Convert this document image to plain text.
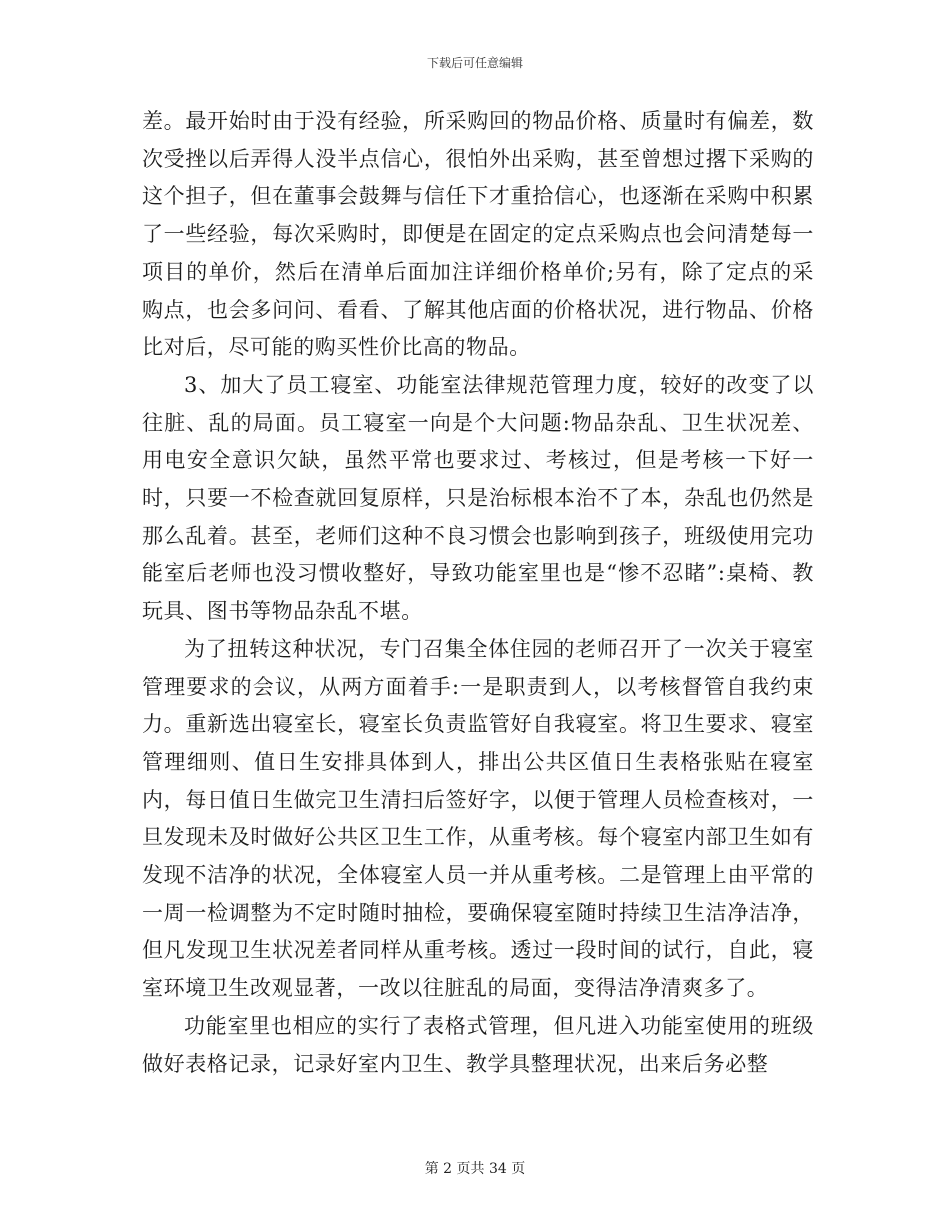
下载后可任意编辑

差。最开始时由于没有经验，所采购回的物品价格、质量时有偏差，数次受挫以后弄得人没半点信心，很怕外出采购，甚至曾想过撂下采购的这个担子，但在董事会鼓舞与信任下才重拾信心，也逐渐在采购中积累了一些经验，每次采购时，即便是在固定的定点采购点也会问清楚每一项目的单价，然后在清单后面加注详细价格单价;另有，除了定点的采购点，也会多问问、看看、了解其他店面的价格状况，进行物品、价格比对后，尽可能的购买性价比高的物品。

3、加大了员工寝室、功能室法律规范管理力度，较好的改变了以往脏、乱的局面。员工寝室一向是个大问题:物品杂乱、卫生状况差、用电安全意识欠缺，虽然平常也要求过、考核过，但是考核一下好一时，只要一不检查就回复原样，只是治标根本治不了本，杂乱也仍然是那么乱着。甚至，老师们这种不良习惯会也影响到孩子，班级使用完功能室后老师也没习惯收整好，导致功能室里也是“惨不忍睹”:桌椅、教玩具、图书等物品杂乱不堪。

为了扭转这种状况，专门召集全体住园的老师召开了一次关于寝室管理要求的会议，从两方面着手:一是职责到人，以考核督管自我约束力。重新选出寝室长，寝室长负责监管好自我寝室。将卫生要求、寝室管理细则、值日生安排具体到人，排出公共区值日生表格张贴在寝室内，每日值日生做完卫生清扫后签好字，以便于管理人员检查核对，一旦发现未及时做好公共区卫生工作，从重考核。每个寝室内部卫生如有发现不洁净的状况，全体寝室人员一并从重考核。二是管理上由平常的一周一检调整为不定时随时抽检，要确保寝室随时持续卫生洁净洁净，但凡发现卫生状况差者同样从重考核。透过一段时间的试行，自此，寝室环境卫生改观显著，一改以往脏乱的局面，变得洁净清爽多了。

功能室里也相应的实行了表格式管理，但凡进入功能室使用的班级做好表格记录，记录好室内卫生、教学具整理状况，出来后务必整

第 2 页共 34 页
